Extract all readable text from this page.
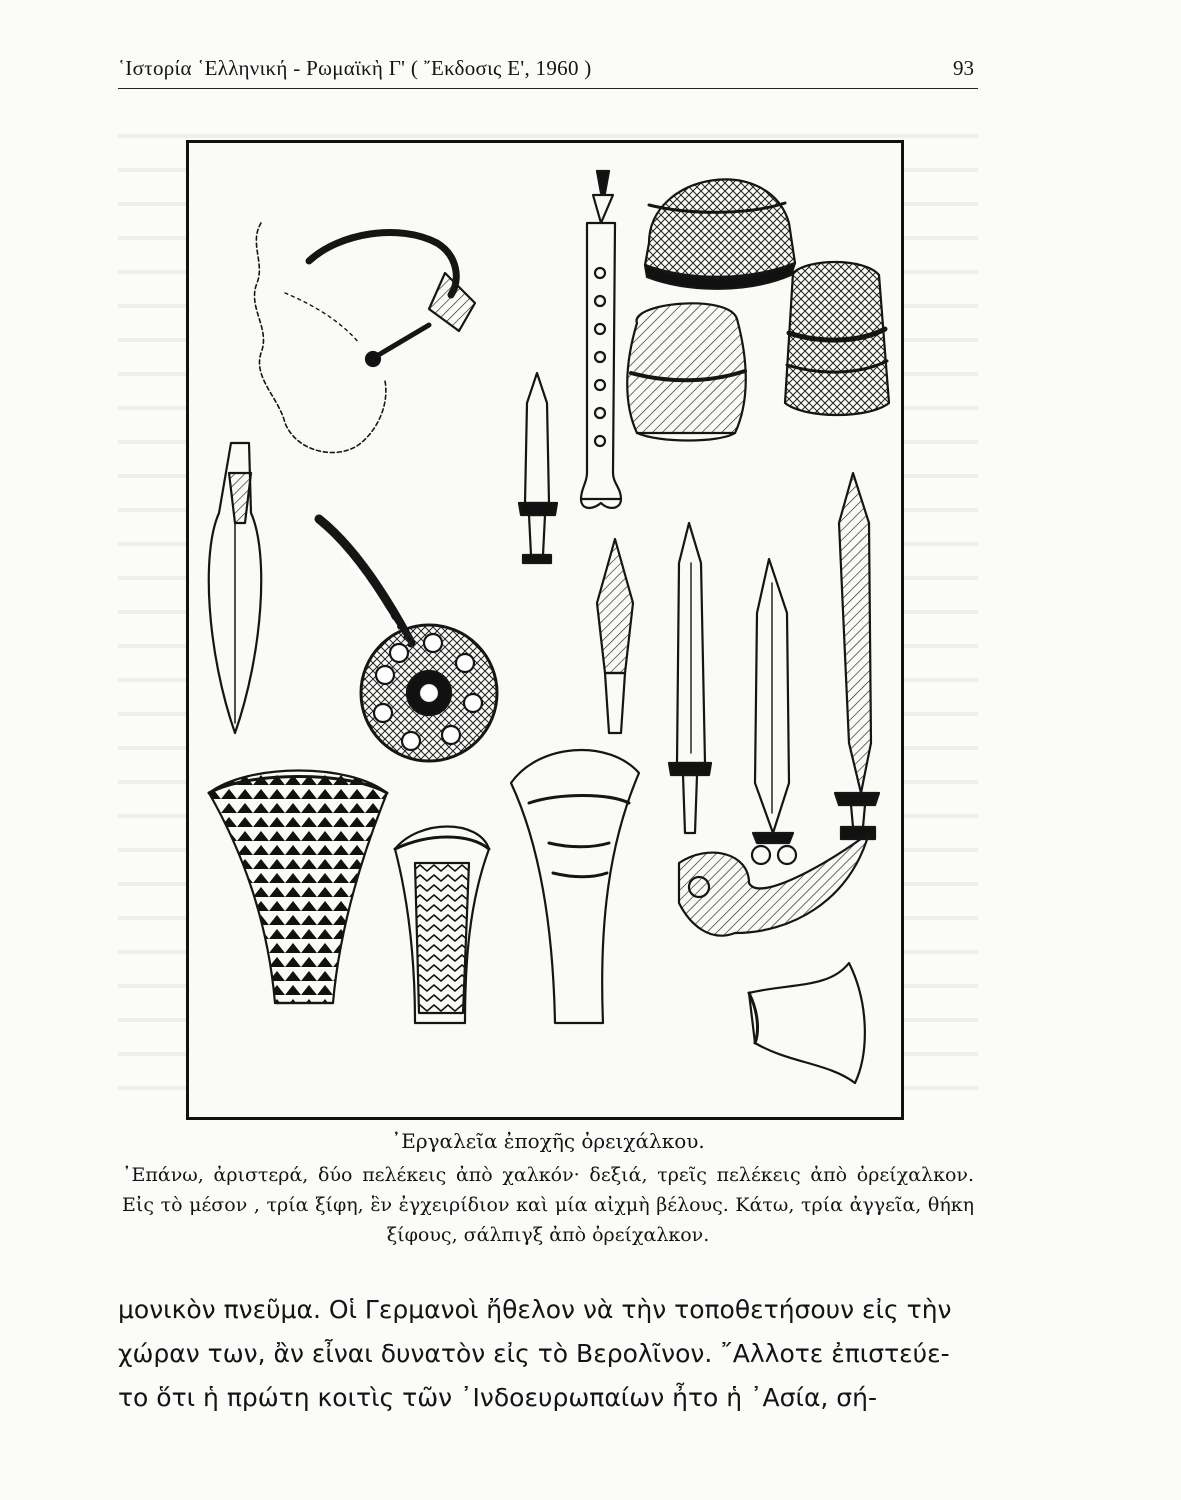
῾Ιστορία ῾Ελληνική - Ρωμαϊκὴ Γ' ( ῎Εκδοσις Ε', 1960 )	93
᾿Εργαλεῖα ἐποχῆς ὀρειχάλκου.
᾿Επάνω, ἀριστερά, δύο πελέκεις ἀπὸ χαλκόν· δεξιά, τρεῖς πελέκεις ἀπὸ ὀρείχαλκον. Εἰς τὸ μέσον , τρία ξίφη, ἓν ἐγχειρίδιον καὶ μία αἰχμὴ βέλους. Κάτω, τρία ἀγγεῖα, θήκη ξίφους, σάλπιγξ ἀπὸ ὀρείχαλκον.
μονικὸν πνεῦμα. Οἱ Γερμανοὶ ἤθελον νὰ τὴν τοποθετήσουν εἰς τὴν
χώραν των, ἂν εἶναι δυνατὸν εἰς τὸ Βερολῖνον. ῎Αλλοτε ἐπιστεύε-
το ὅτι ἡ πρώτη κοιτὶς τῶν ᾿Ινδοευρωπαίων ἦτο ἡ ᾿Ασία, σή-
